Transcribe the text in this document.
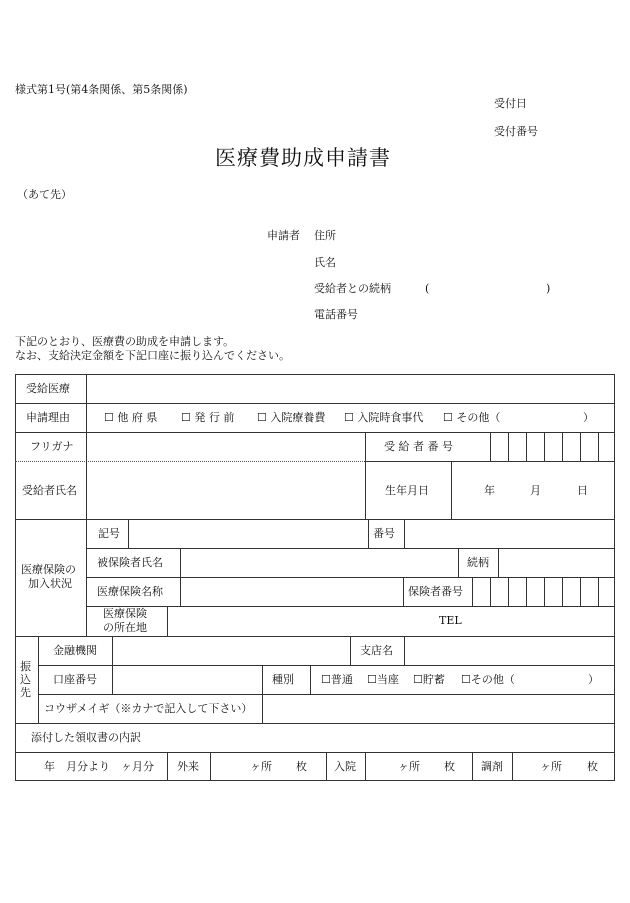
様式第1号(第4条関係、第5条関係)
受付日
受付番号
医療費助成申請書
（あて先）
申請者 住所
氏名
受給者との続柄	(	)
電話番号
下記のとおり、医療費の助成を申請します。
なお、支給決定金額を下記口座に振り込んでください。
受給医療
申請理由	☐ 他 府 県 ☐ 発 行 前 ☐ 入院療養費 ☐ 入院時食事代 ☐ その他（	）
フリガナ	受 給 者 番 号
受給者氏名	生年月日	年	月	日
医療保険の
加入状況
記号	番号
被保険者氏名	続柄
医療保険名称	保険者番号
医療保険
の所在地
TEL
振
込
先
金融機関	支店名
口座番号	種別 ☐普通 ☐当座 ☐貯蓄 ☐その他（	）
コウザメイギ（※カナで記入して下さい）
添付した領収書の内訳
年　月分より　ヶ月分 外来	ヶ所 枚 入院	ヶ所 枚 調剤	ヶ所 枚
